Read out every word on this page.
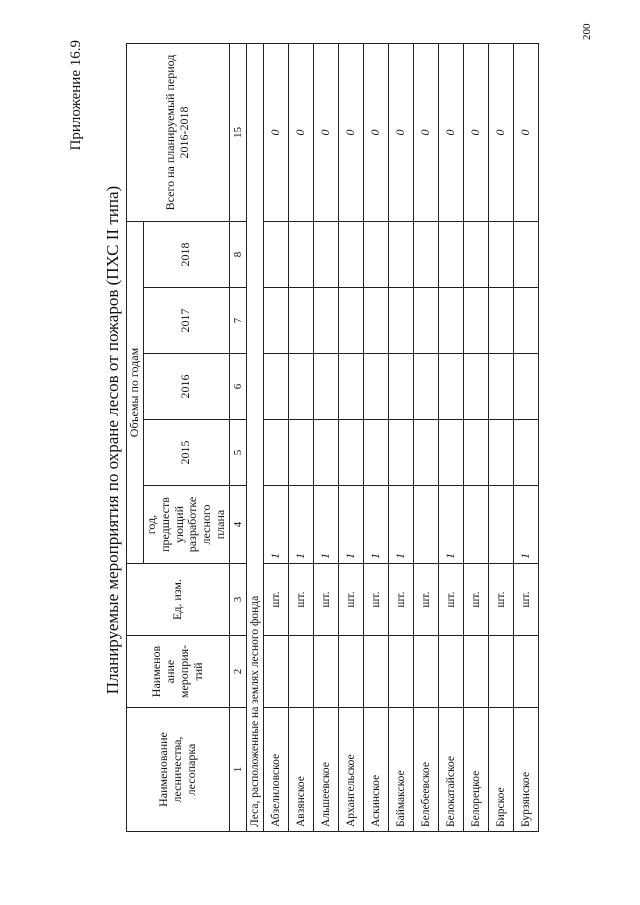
200
Приложение 16.9
Планируемые мероприятия по охране лесов от пожаров (ПХС II типа)
Наименование лесничества, лесопарка	Наименов ание мероприя- тий	Ед. изм.	Объемы по годам					Всего на планируемый период 2016-2018
			год, предшеств ующий разработке лесного плана	2015	2016	2017	2018	
1	2	3	4	5	6	7	8	15
Леса, расположенные на землях лесного фонда								
Абзелиловское		шт.	1					0
Авзянское		шт.	1					0
Альшеевское		шт.	1					0
Архангельское		шт.	1					0
Аскинское		шт.	1					0
Баймакское		шт.	1					0
Белебеевское		шт.						0
Белокатайское		шт.	1					0
Белорецкое		шт.						0
Бирское		шт.						0
Бурзянское		шт.	1					0
